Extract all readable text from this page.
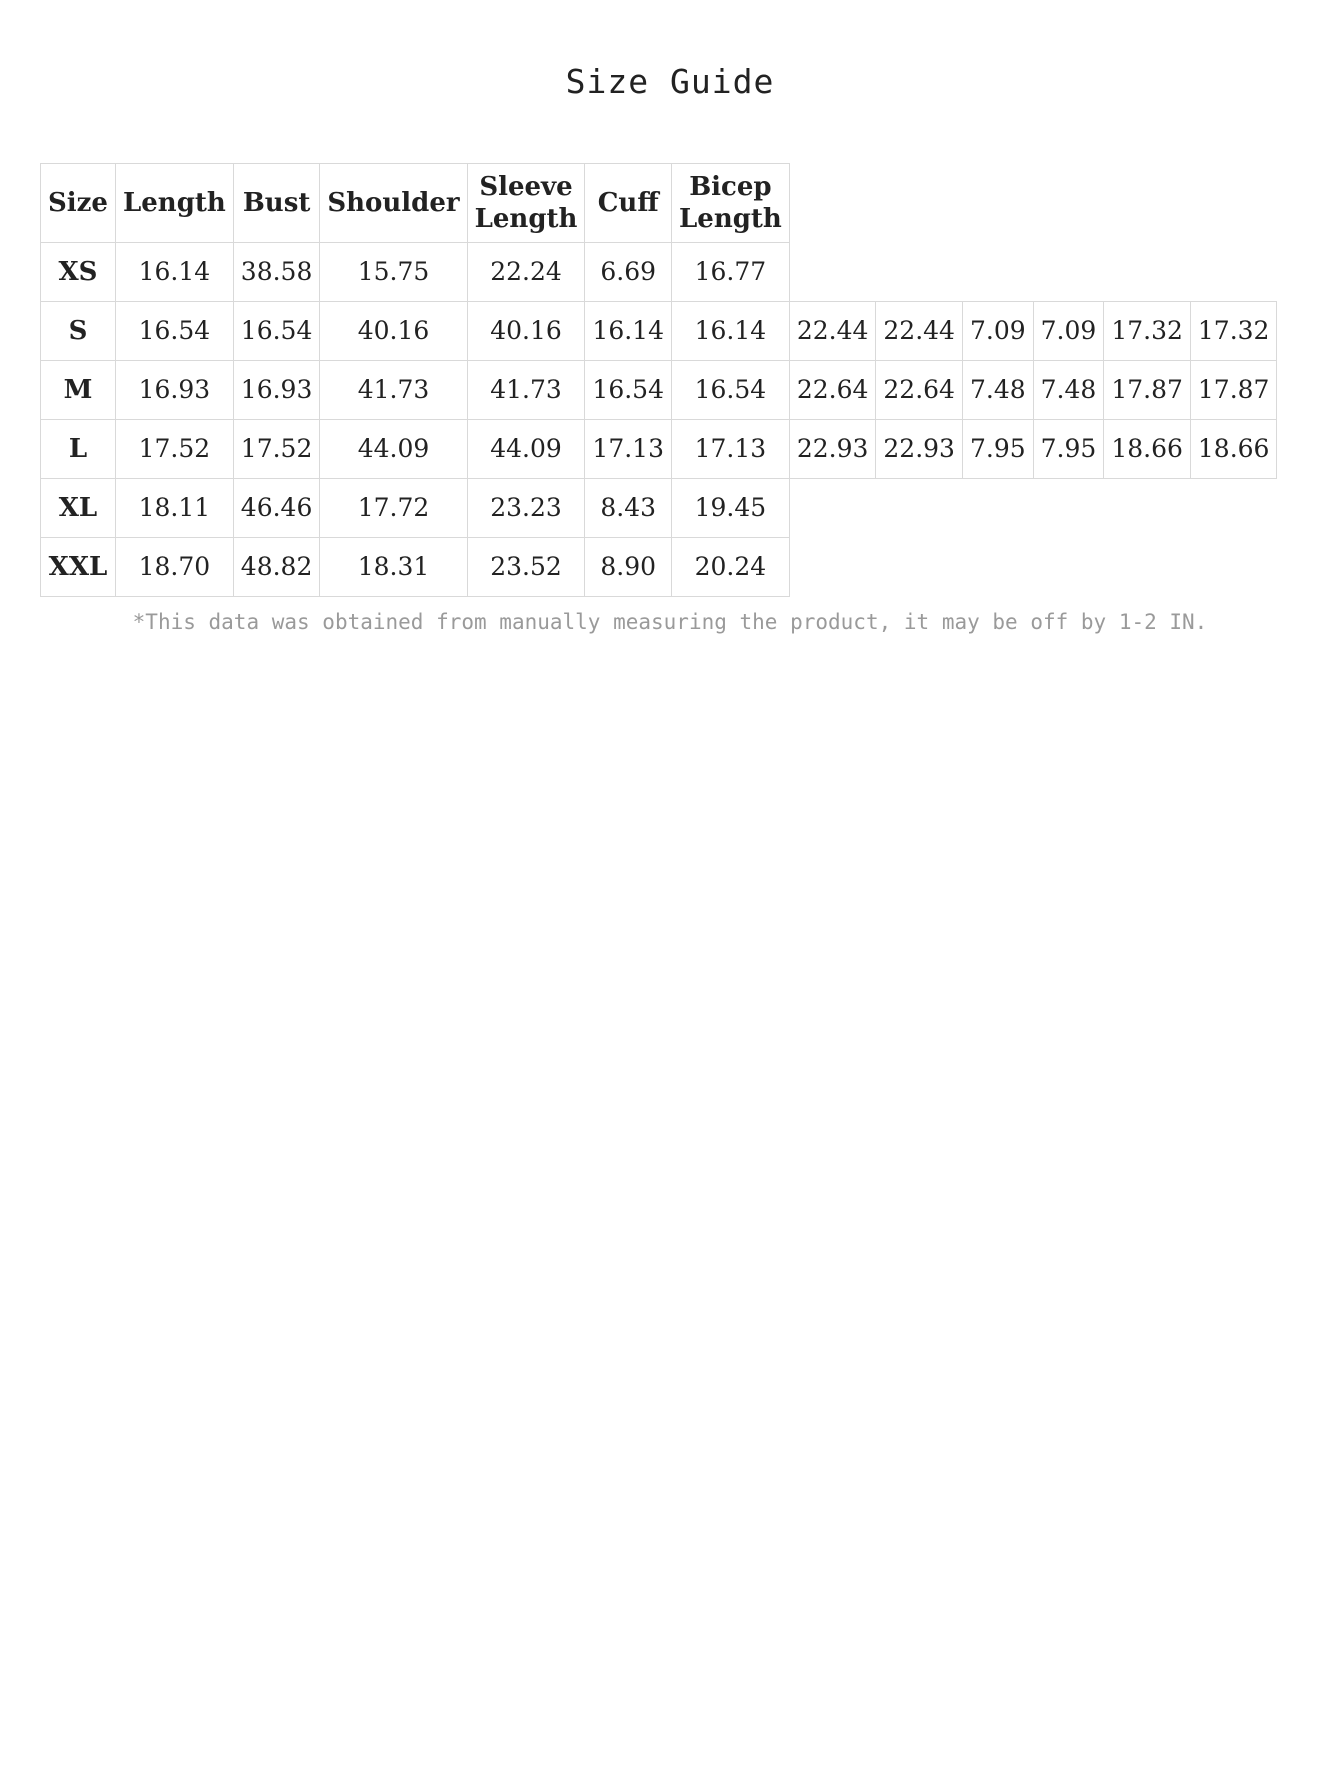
Size Guide
Size	Length	Bust	Shoulder	Sleeve Length	Cuff	Bicep Length						
XS	16.14	38.58	15.75	22.24	6.69	16.77						
S	16.54	16.54	40.16	40.16	16.14	16.14	22.44	22.44	7.09	7.09	17.32	17.32
M	16.93	16.93	41.73	41.73	16.54	16.54	22.64	22.64	7.48	7.48	17.87	17.87
L	17.52	17.52	44.09	44.09	17.13	17.13	22.93	22.93	7.95	7.95	18.66	18.66
XL	18.11	46.46	17.72	23.23	8.43	19.45						
XXL	18.70	48.82	18.31	23.52	8.90	20.24						
*This data was obtained from manually measuring the product, it may be off by 1-2 IN.
